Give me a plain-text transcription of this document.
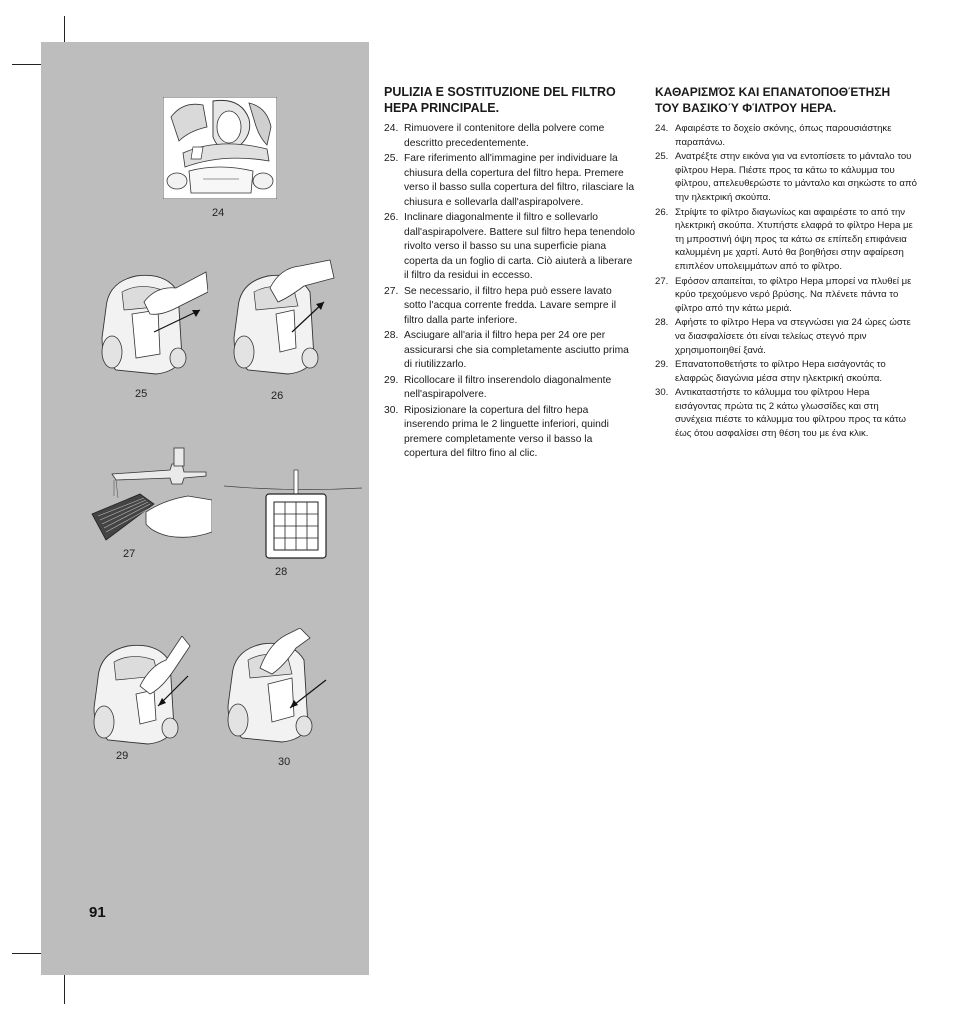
24
25	26
27
28
29	30
91
PULIZIA E SOSTITUZIONE DEL FILTRO HEPA PRINCIPALE.
24. Rimuovere il contenitore della polvere come descritto precedentemente.
25. Fare riferimento all'immagine per individuare la chiusura della copertura del filtro hepa. Premere verso il basso sulla copertura del filtro, rilasciare la chiusura e sollevarla dall'aspirapolvere.
26. Inclinare diagonalmente il filtro e sollevarlo dall'aspirapolvere. Battere sul filtro hepa tenendolo rivolto verso il basso su una superficie piana coperta da un foglio di carta. Ciò aiuterà a liberare il filtro da residui in eccesso.
27. Se necessario, il filtro hepa può essere lavato sotto l'acqua corrente fredda. Lavare sempre il filtro dalla parte inferiore.
28. Asciugare all'aria il filtro hepa per 24 ore per assicurarsi che sia completamente asciutto prima di riutilizzarlo.
29. Ricollocare il filtro inserendolo diagonalmente nell'aspirapolvere.
30. Riposizionare la copertura del filtro hepa inserendo prima le 2 linguette inferiori, quindi premere completamente verso il basso la copertura del filtro fino al clic.
ΚΑΘΑΡΙΣΜΌΣ ΚΑΙ ΕΠΑΝΑΤΟΠΟΘΈΤΗΣΗ ΤΟΥ ΒΑΣΙΚΟΎ ΦΊΛΤΡΟΥ HEPA.
24. Αφαιρέστε το δοχείο σκόνης, όπως παρουσιάστηκε παραπάνω.
25. Ανατρέξτε στην εικόνα για να εντοπίσετε το μάνταλο του φίλτρου Hepa. Πιέστε προς τα κάτω το κάλυμμα του φίλτρου, απελευθερώστε το μάνταλο και σηκώστε το από την ηλεκτρική σκούπα.
26. Στρίψτε το φίλτρο διαγωνίως και αφαιρέστε το από την ηλεκτρική σκούπα. Χτυπήστε ελαφρά το φίλτρο Hepa με τη μπροστινή όψη προς τα κάτω σε επίπεδη επιφάνεια καλυμμένη με χαρτί. Αυτό θα βοηθήσει στην αφαίρεση επιπλέον υπολειμμάτων από το φίλτρο.
27. Εφόσον απαιτείται, το φίλτρο Hepa μπορεί να πλυθεί με κρύο τρεχούμενο νερό βρύσης. Να πλένετε πάντα το φίλτρο από την κάτω μεριά.
28. Αφήστε το φίλτρο Hepa να στεγνώσει για 24 ώρες ώστε να διασφαλίσετε ότι είναι τελείως στεγνό πριν χρησιμοποιηθεί ξανά.
29. Επανατοποθετήστε το φίλτρο Hepa εισάγοντάς το ελαφρώς διαγώνια μέσα στην ηλεκτρική σκούπα.
30. Αντικαταστήστε το κάλυμμα του φίλτρου Hepa εισάγοντας πρώτα τις 2 κάτω γλωσσίδες και στη συνέχεια πιέστε το κάλυμμα του φίλτρου προς τα κάτω έως ότου ασφαλίσει στη θέση του με ένα κλικ.
